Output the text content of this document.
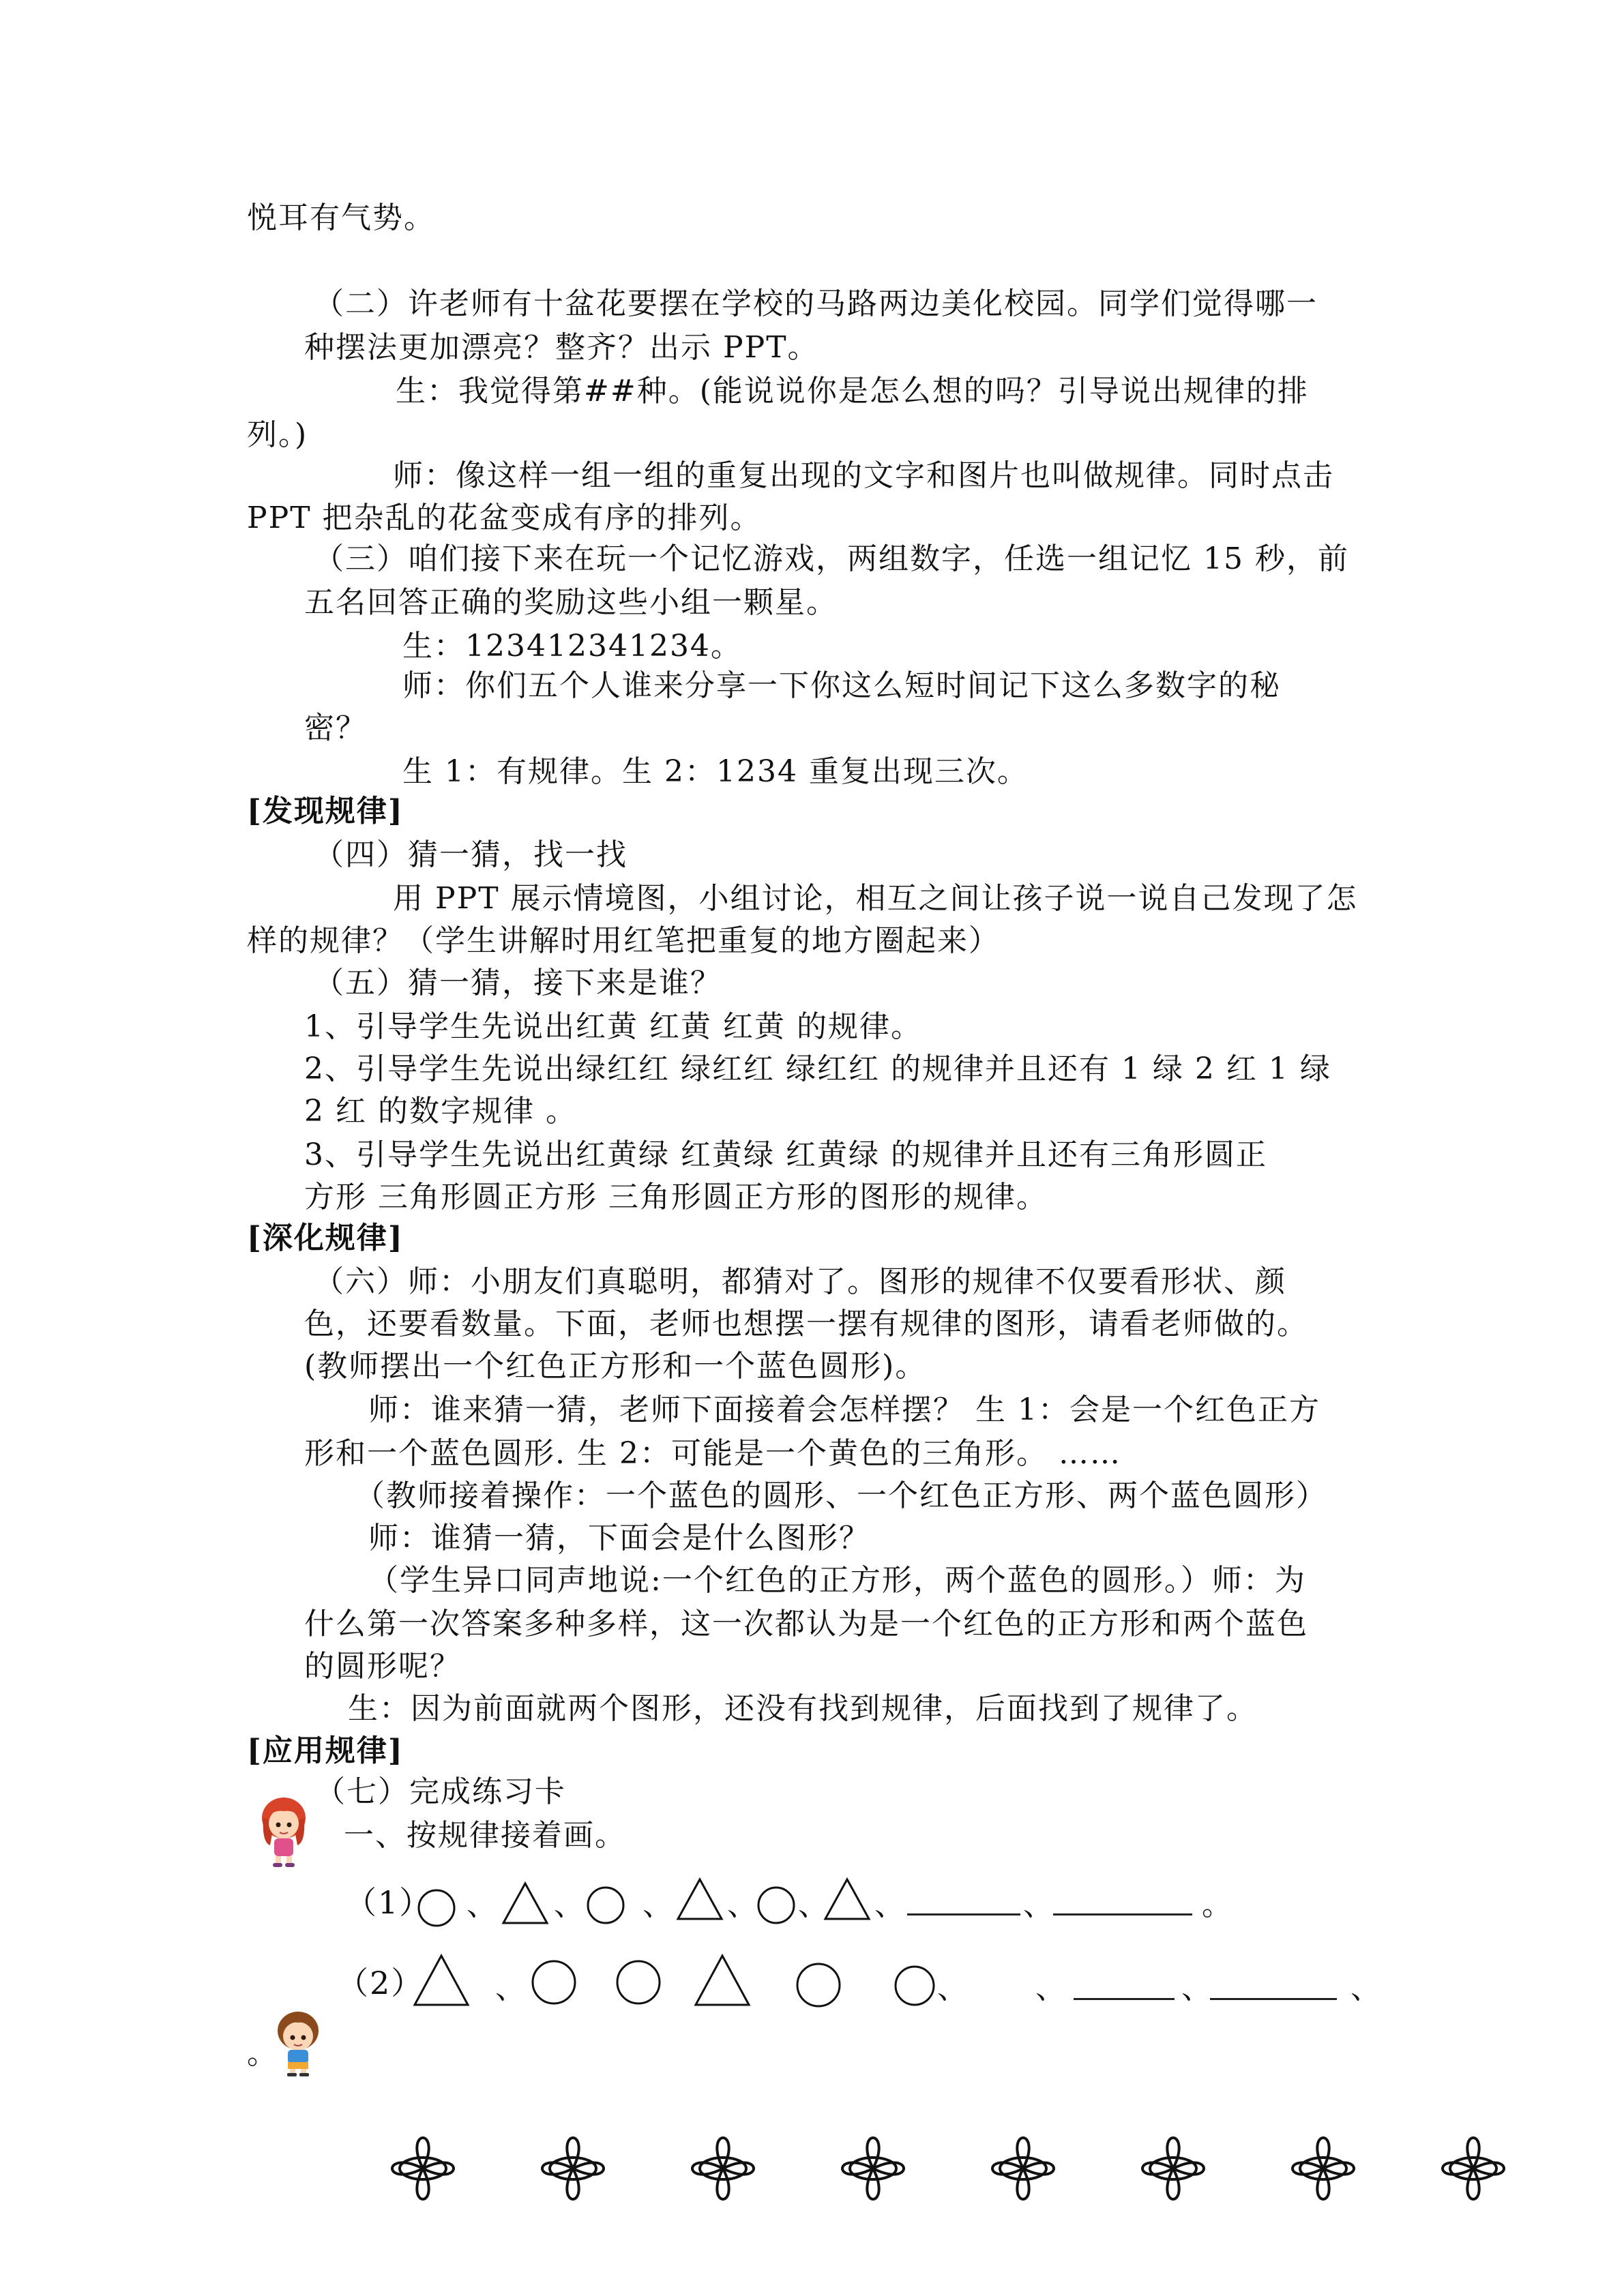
悦耳有气势。
（二）许老师有十盆花要摆在学校的马路两边美化校园。同学们觉得哪一
种摆法更加漂亮？整齐？出示 PPT。
生：我觉得第##种。(能说说你是怎么想的吗？引导说出规律的排
列。)
师：像这样一组一组的重复出现的文字和图片也叫做规律。同时点击
PPT 把杂乱的花盆变成有序的排列。
（三）咱们接下来在玩一个记忆游戏，两组数字，任选一组记忆 15 秒，前
五名回答正确的奖励这些小组一颗星。
生：123412341234。
师：你们五个人谁来分享一下你这么短时间记下这么多数字的秘
密？
生 1：有规律。生 2：1234 重复出现三次。
[发现规律]
（四）猜一猜，找一找
用 PPT 展示情境图，小组讨论，相互之间让孩子说一说自己发现了怎
样的规律？（学生讲解时用红笔把重复的地方圈起来）
（五）猜一猜，接下来是谁？
1、引导学生先说出红黄 红黄 红黄 的规律。
2、引导学生先说出绿红红 绿红红 绿红红 的规律并且还有 1 绿 2 红 1 绿
2 红 的数字规律 。
3、引导学生先说出红黄绿 红黄绿 红黄绿 的规律并且还有三角形圆正
方形 三角形圆正方形 三角形圆正方形的图形的规律。
[深化规律]
（六）师：小朋友们真聪明，都猜对了。图形的规律不仅要看形状、颜
色，还要看数量。下面，老师也想摆一摆有规律的图形，请看老师做的。
(教师摆出一个红色正方形和一个蓝色圆形)。
师：谁来猜一猜，老师下面接着会怎样摆？ 生 1：会是一个红色正方
形和一个蓝色圆形. 生 2：可能是一个黄色的三角形。 ……
（教师接着操作：一个蓝色的圆形、一个红色正方形、两个蓝色圆形）
师：谁猜一猜，下面会是什么图形？
（学生异口同声地说:一个红色的正方形，两个蓝色的圆形。）师：为
什么第一次答案多种多样，这一次都认为是一个红色的正方形和两个蓝色
的圆形呢？
生：因为前面就两个图形，还没有找到规律，后面找到了规律了。
[应用规律]
（七）完成练习卡
一、按规律接着画。
（1） 、 、 、 、 、 、	、	。
（2） 、	、 、	、	、
。
